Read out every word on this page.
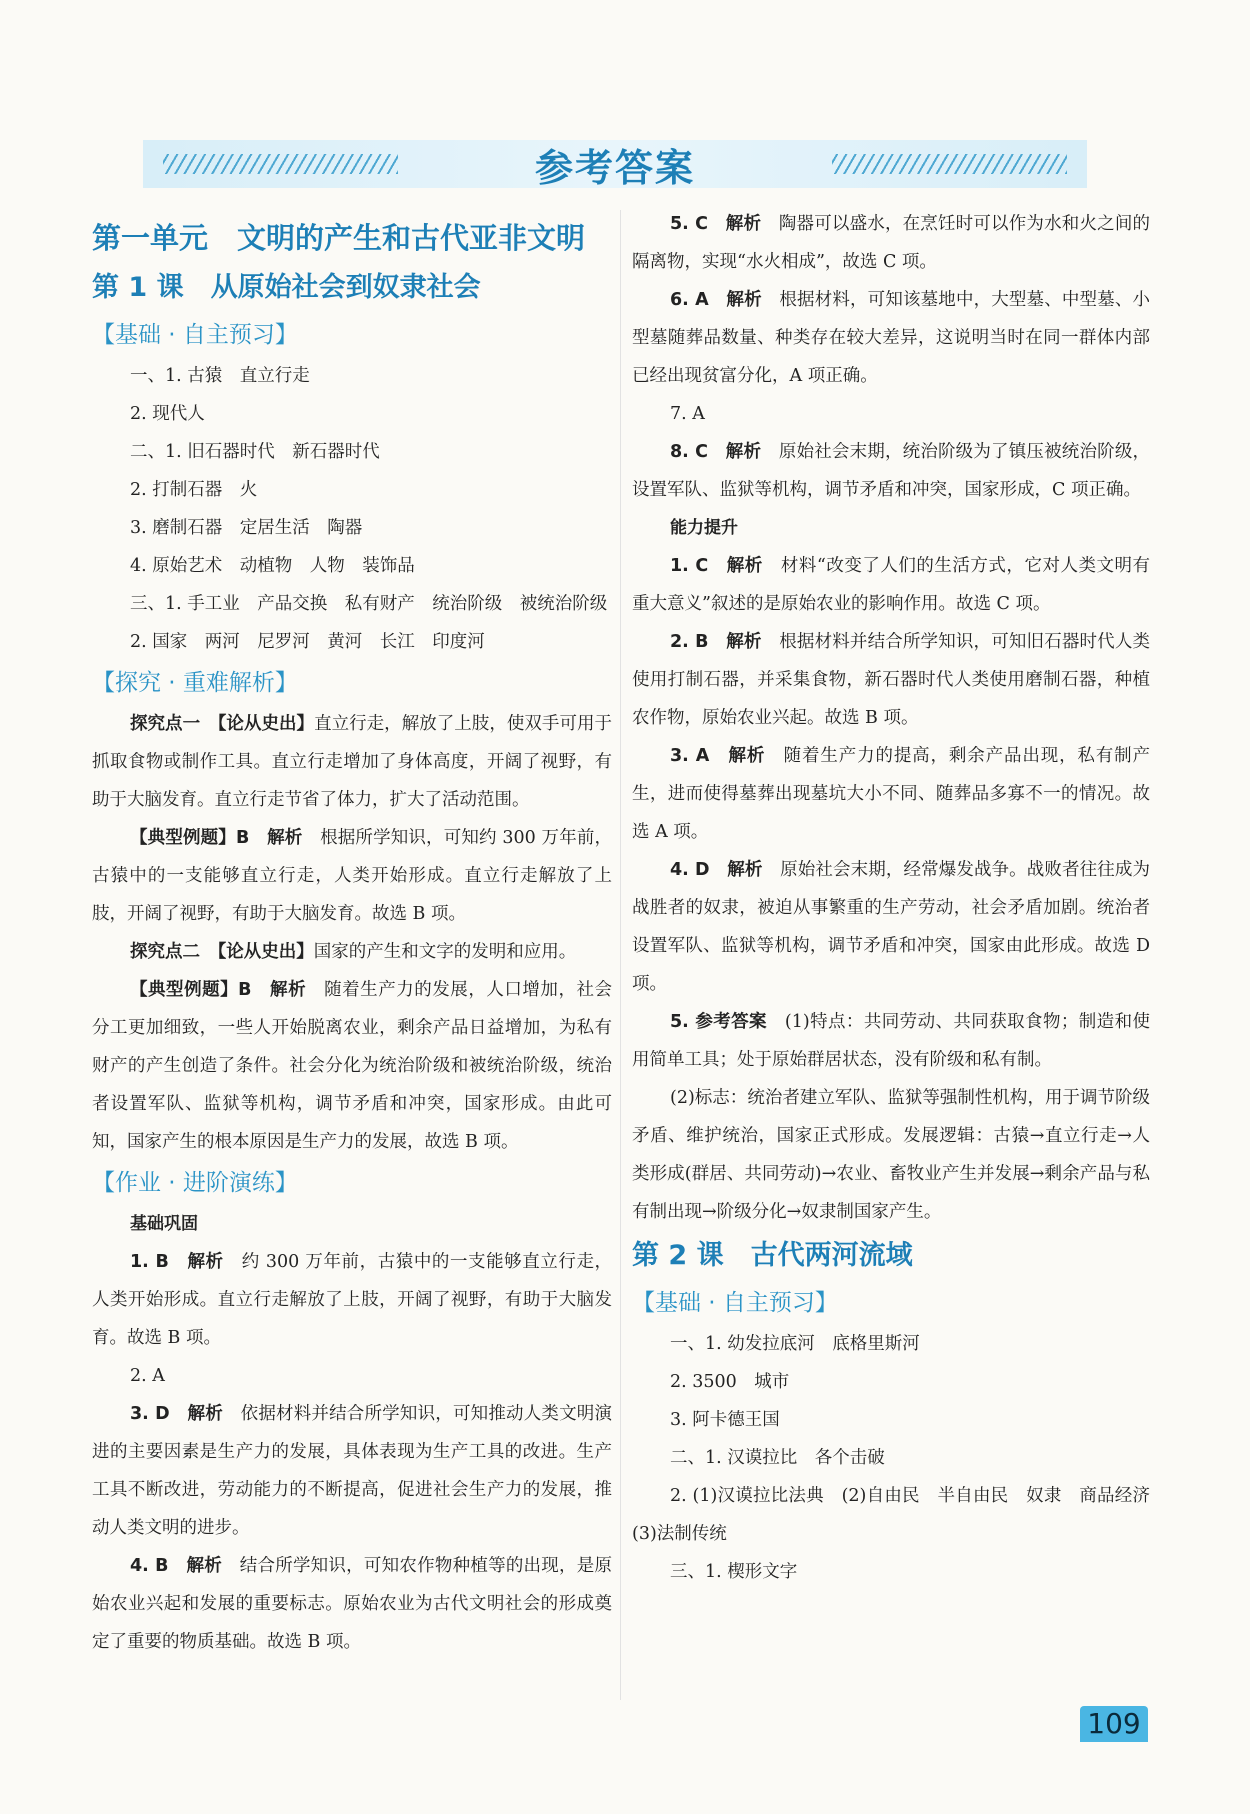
参考答案

第一单元　文明的产生和古代亚非文明

第 1 课　从原始社会到奴隶社会

【基础 · 自主预习】

一、1. 古猿　直立行走

2. 现代人

二、1. 旧石器时代　新石器时代

2. 打制石器　火

3. 磨制石器　定居生活　陶器

4. 原始艺术　动植物　人物　装饰品

三、1. 手工业　产品交换　私有财产　统治阶级　被统治阶级

2. 国家　两河　尼罗河　黄河　长江　印度河

【探究 · 重难解析】

探究点一　【论从史出】直立行走，解放了上肢，使双手可用于抓取食物或制作工具。直立行走增加了身体高度，开阔了视野，有助于大脑发育。直立行走节省了体力，扩大了活动范围。

【典型例题】B　解析　 根据所学知识，可知约 300 万年前，古猿中的一支能够直立行走，人类开始形成。直立行走解放了上肢，开阔了视野，有助于大脑发育。故选 B 项。

探究点二　【论从史出】国家的产生和文字的发明和应用。

【典型例题】B　解析　 随着生产力的发展，人口增加，社会分工更加细致，一些人开始脱离农业，剩余产品日益增加，为私有财产的产生创造了条件。社会分化为统治阶级和被统治阶级，统治者设置军队、监狱等机构，调节矛盾和冲突，国家形成。由此可知，国家产生的根本原因是生产力的发展，故选 B 项。

【作业 · 进阶演练】

基础巩固

1. B　解析　 约 300 万年前，古猿中的一支能够直立行走，人类开始形成。直立行走解放了上肢，开阔了视野，有助于大脑发育。故选 B 项。

2. A

3. D　解析　 依据材料并结合所学知识，可知推动人类文明演进的主要因素是生产力的发展，具体表现为生产工具的改进。生产工具不断改进，劳动能力的不断提高，促进社会生产力的发展，推动人类文明的进步。

4. B　解析　 结合所学知识，可知农作物种植等的出现，是原始农业兴起和发展的重要标志。原始农业为古代文明社会的形成奠定了重要的物质基础。故选 B 项。

5. C　解析　 陶器可以盛水，在烹饪时可以作为水和火之间的隔离物，实现“水火相成”，故选 C 项。

6. A　解析　 根据材料，可知该墓地中，大型墓、中型墓、小型墓随葬品数量、种类存在较大差异，这说明当时在同一群体内部已经出现贫富分化，A 项正确。

7. A

8. C　解析　 原始社会末期，统治阶级为了镇压被统治阶级，设置军队、监狱等机构，调节矛盾和冲突，国家形成，C 项正确。

能力提升

1. C　解析　 材料“改变了人们的生活方式，它对人类文明有重大意义”叙述的是原始农业的影响作用。故选 C 项。

2. B　解析　 根据材料并结合所学知识，可知旧石器时代人类使用打制石器，并采集食物，新石器时代人类使用磨制石器，种植农作物，原始农业兴起。故选 B 项。

3. A　解析　 随着生产力的提高，剩余产品出现，私有制产生，进而使得墓葬出现墓坑大小不同、随葬品多寡不一的情况。故选 A 项。

4. D　解析　 原始社会末期，经常爆发战争。战败者往往成为战胜者的奴隶，被迫从事繁重的生产劳动，社会矛盾加剧。统治者设置军队、监狱等机构，调节矛盾和冲突，国家由此形成。故选 D 项。

5. 参考答案　 (1)特点：共同劳动、共同获取食物；制造和使用简单工具；处于原始群居状态，没有阶级和私有制。

(2)标志：统治者建立军队、监狱等强制性机构，用于调节阶级矛盾、维护统治，国家正式形成。发展逻辑：古猿→直立行走→人类形成(群居、共同劳动)→农业、畜牧业产生并发展→剩余产品与私有制出现→阶级分化→奴隶制国家产生。

第 2 课　古代两河流域

【基础 · 自主预习】

一、1. 幼发拉底河　底格里斯河

2. 3500　城市

3. 阿卡德王国

二、1. 汉谟拉比　各个击破

2. (1)汉谟拉比法典　(2)自由民　半自由民　奴隶　商品经济　(3)法制传统

三、1. 楔形文字

109
